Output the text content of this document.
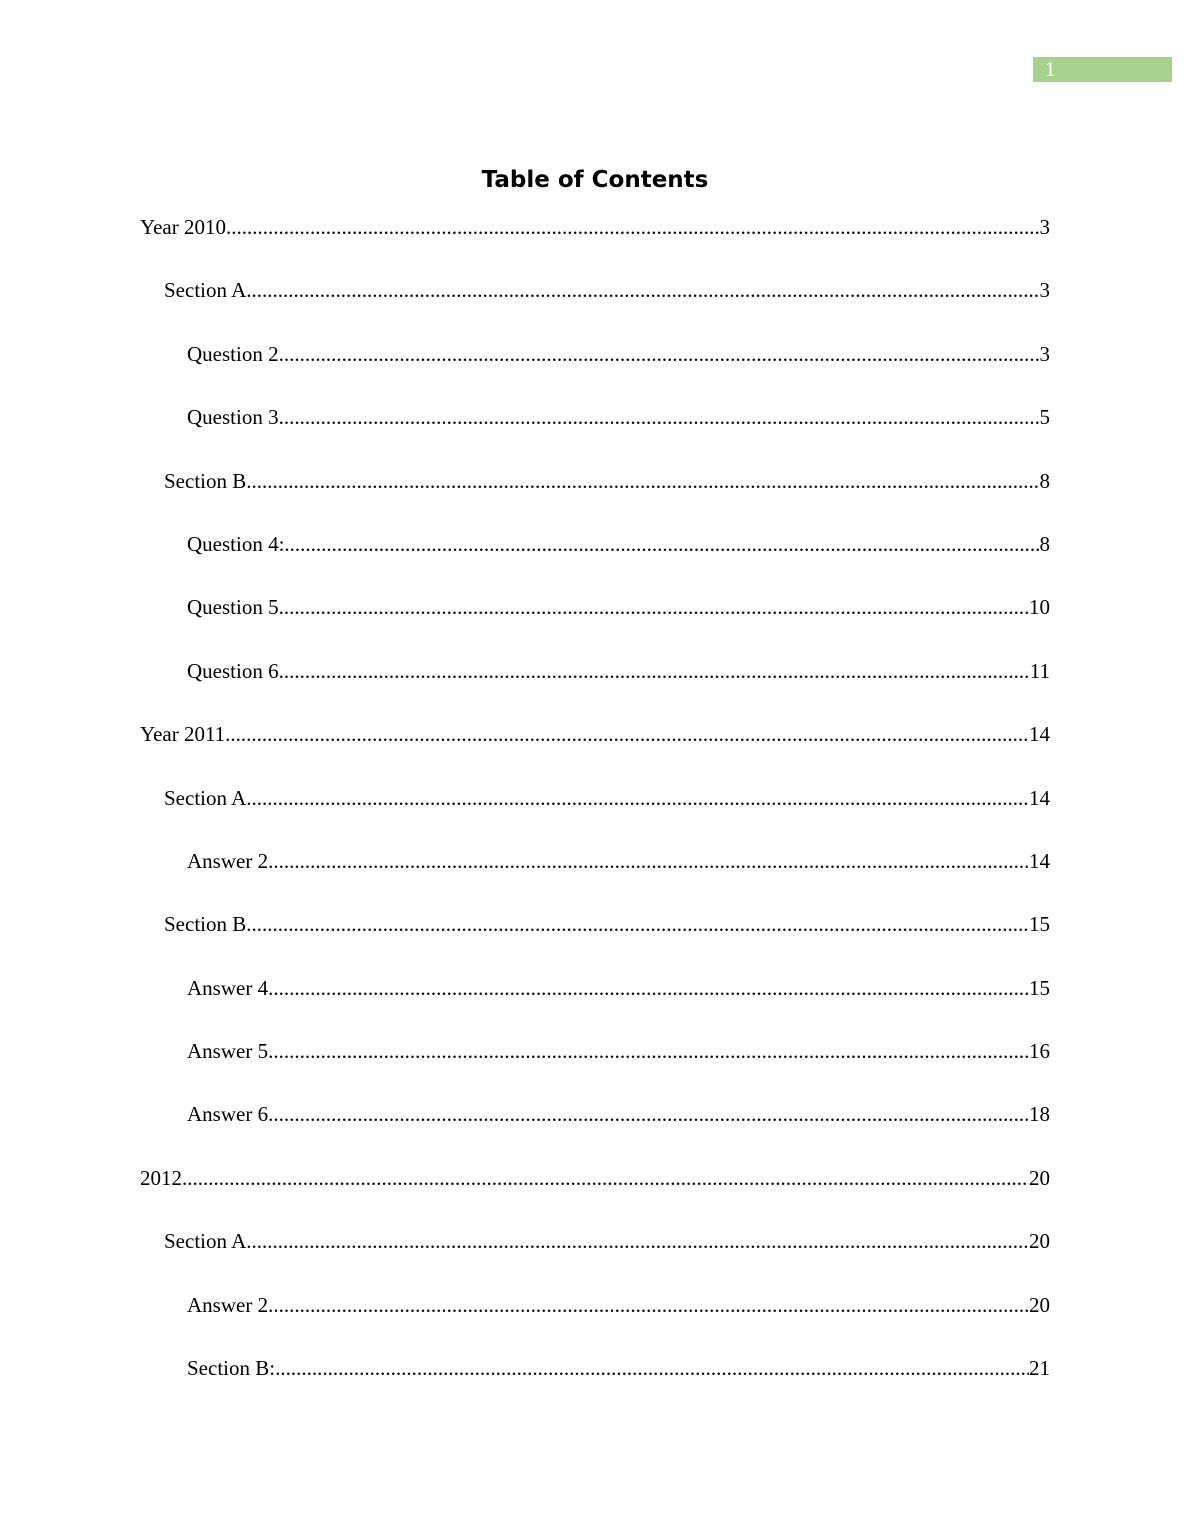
1
Table of Contents
Year 2010 .....	3
Section A .....	3
Question 2 .....	3
Question 3 .....	5
Section B .....	8
Question 4: .....	8
Question 5 .....	10
Question 6 .....	11
Year 2011 .....	14
Section A .....	14
Answer 2 .....	14
Section B .....	15
Answer 4 .....	15
Answer 5 .....	16
Answer 6 .....	18
2012 .....	20
Section A .....	20
Answer 2 .....	20
Section B: .....	21
